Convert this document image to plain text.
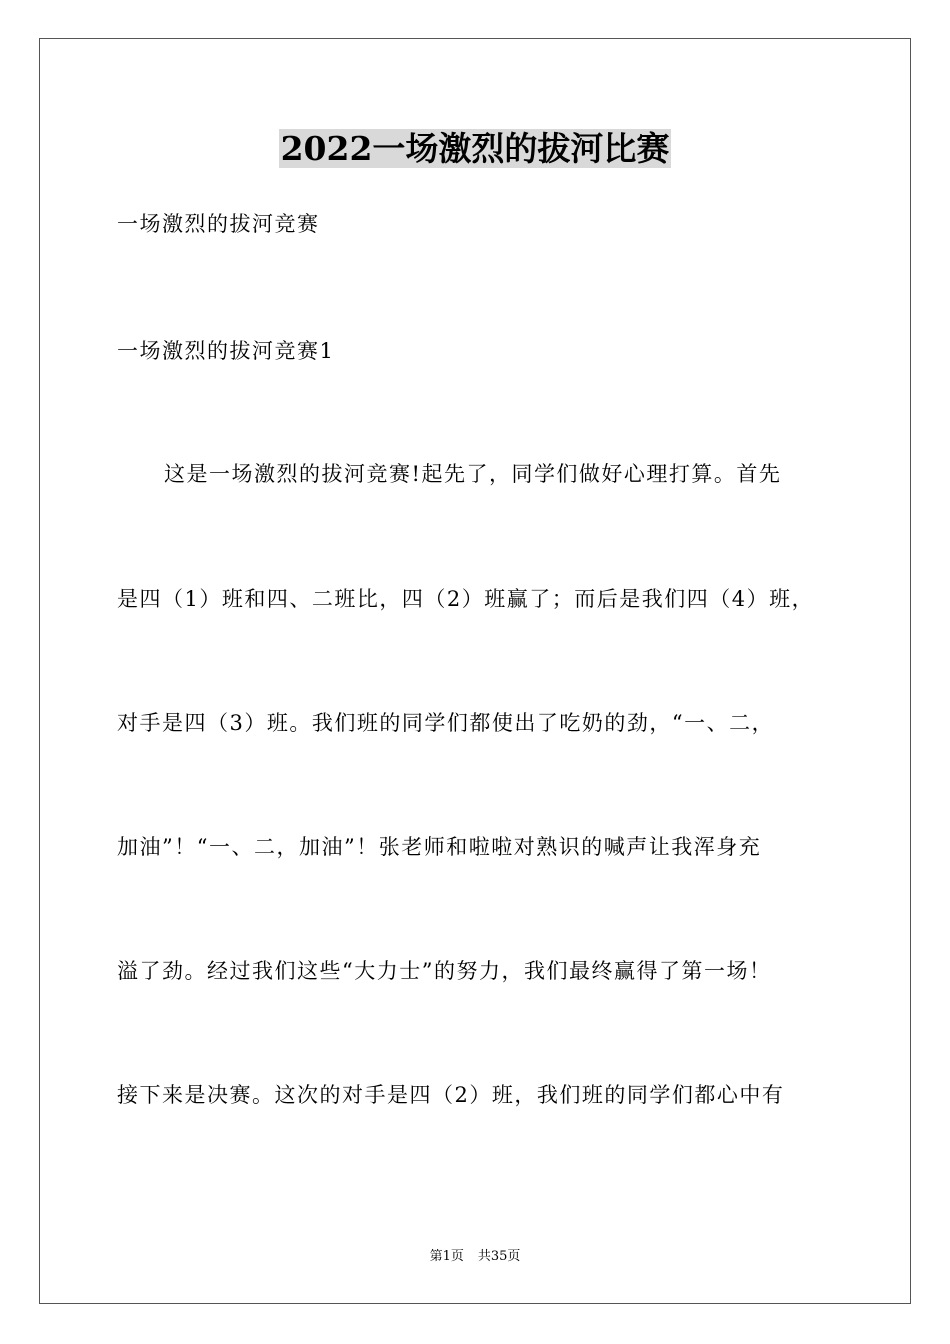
2022一场激烈的拔河比赛
一场激烈的拔河竞赛
一场激烈的拔河竞赛1
这是一场激烈的拔河竞赛!起先了，同学们做好心理打算。首先
是四（1）班和四、二班比，四（2）班赢了；而后是我们四（4）班，
对手是四（3）班。我们班的同学们都使出了吃奶的劲，“一、二，
加油”！“一、二，加油”！张老师和啦啦对熟识的喊声让我浑身充
溢了劲。经过我们这些“大力士”的努力，我们最终赢得了第一场！
接下来是决赛。这次的对手是四（2）班，我们班的同学们都心中有
第1页 共35页
